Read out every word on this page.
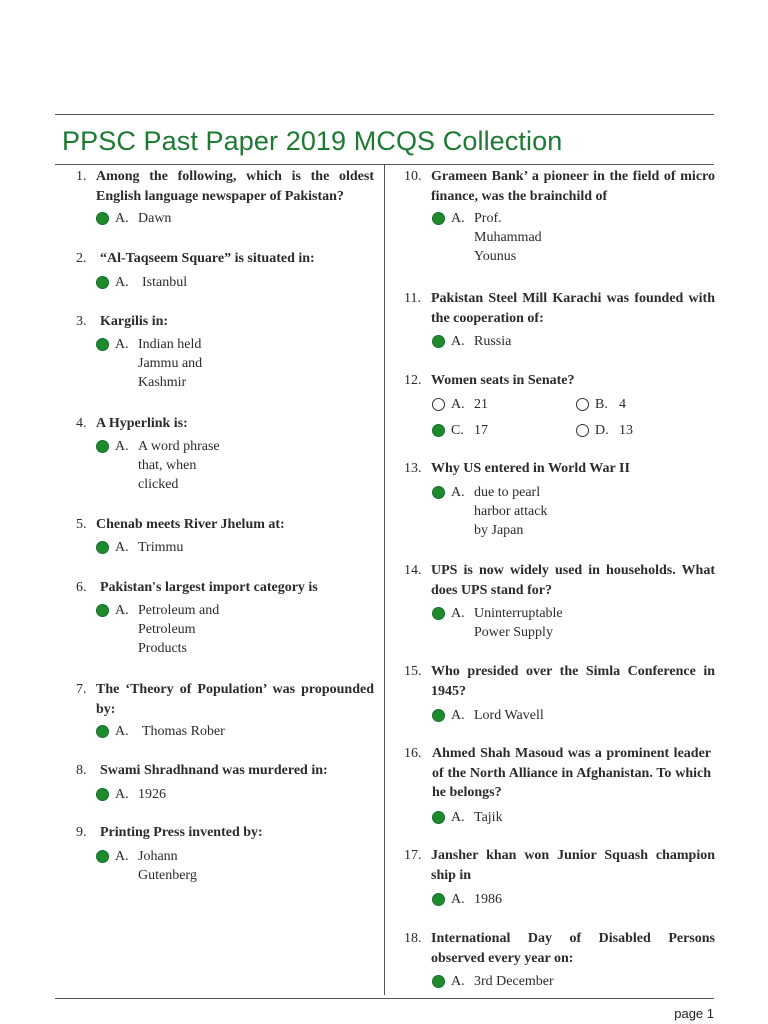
PPSC Past Paper 2019 MCQS Collection
1. Among the following, which is the oldest English language newspaper of Pakistan?
A. Dawn
2. “Al-Taqseem Square” is situated in:
A. Istanbul
3. Kargilis in:
A. Indian held Jammu and Kashmir
4. A Hyperlink is:
A. A word phrase that, when clicked
5. Chenab meets River Jhelum at:
A. Trimmu
6. Pakistan's largest import category is
A. Petroleum and Petroleum Products
7. The ‘Theory of Population’ was propounded by:
A. Thomas Rober
8. Swami Shradhnand was murdered in:
A. 1926
9. Printing Press invented by:
A. Johann Gutenberg
10. Grameen Bank’ a pioneer in the field of micro finance, was the brainchild of
A. Prof. Muhammad Younus
11. Pakistan Steel Mill Karachi was founded with the cooperation of:
A. Russia
12. Women seats in Senate?
A. 21	B. 4
C. 17	D. 13
13. Why US entered in World War II
A. due to pearl harbor attack by Japan
14. UPS is now widely used in households. What does UPS stand for?
A. Uninterruptable Power Supply
15. Who presided over the Simla Conference in 1945?
A. Lord Wavell
16. Ahmed Shah Masoud was a prominent leader of the North Alliance in Afghanistan. To which he belongs?
A. Tajik
17. Jansher khan won Junior Squash champion ship in
A. 1986
18. International Day of Disabled Persons observed every year on:
A. 3rd December
page 1
